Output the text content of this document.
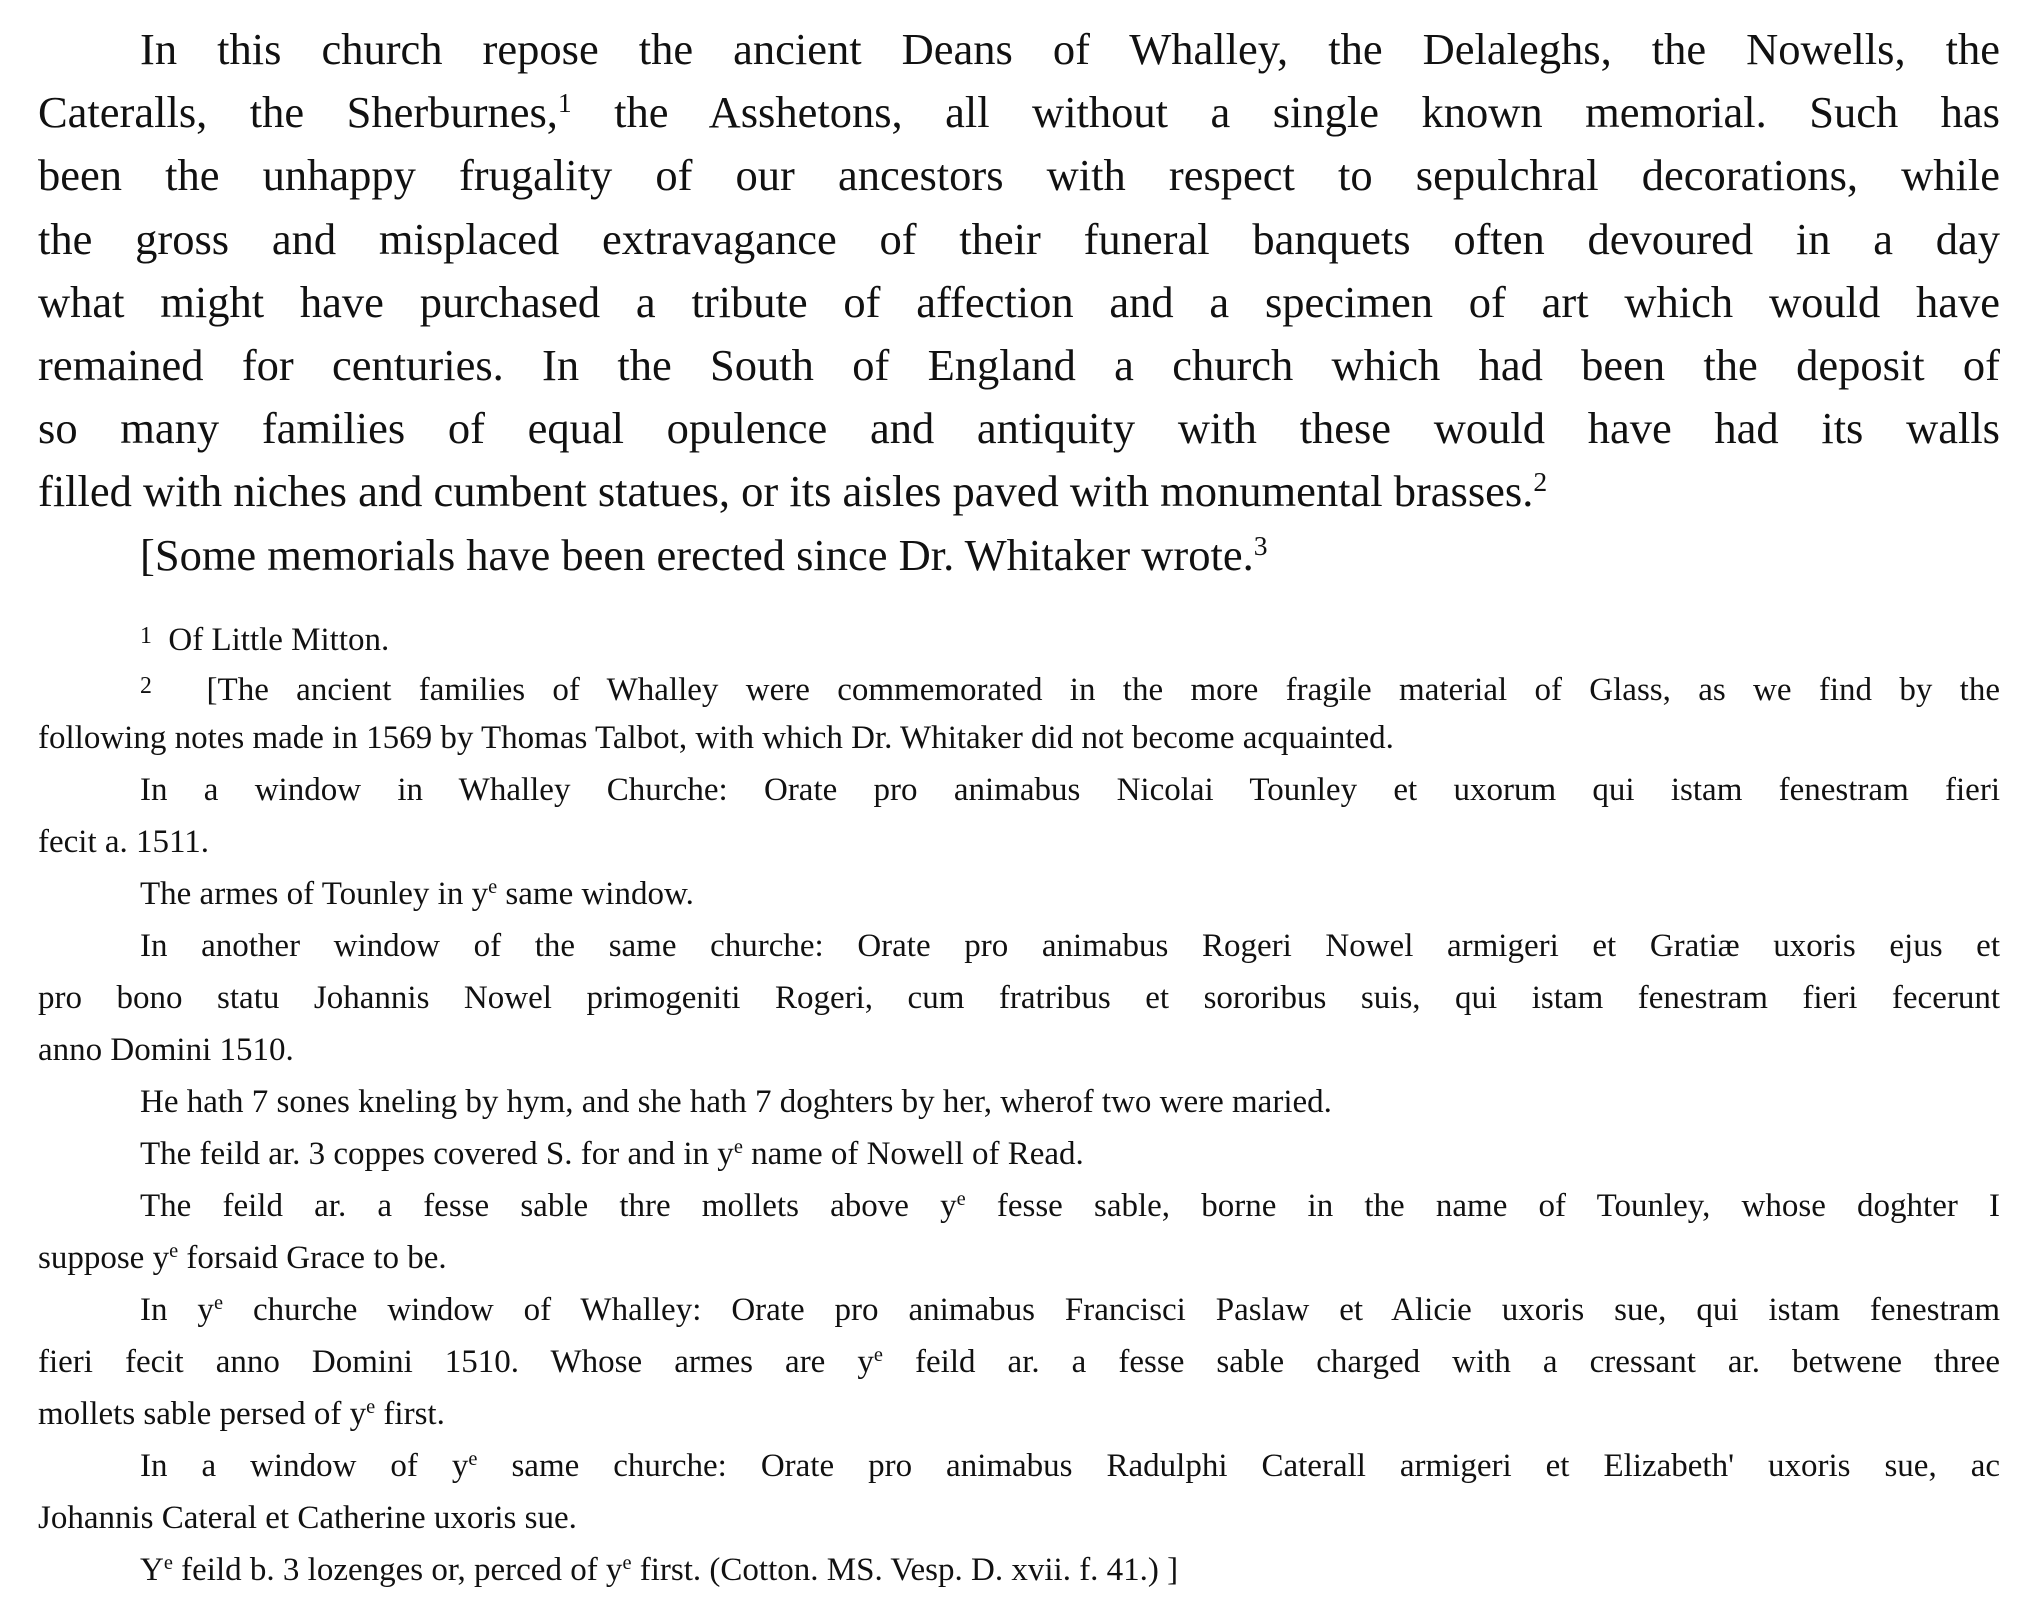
In this church repose the ancient Deans of Whalley, the Delaleghs, the Nowells, the
Cateralls, the Sherburnes,$^1$ the Asshetons, all without a single known memorial. Such has
been the unhappy frugality of our ancestors with respect to sepulchral decorations, while
the gross and misplaced extravagance of their funeral banquets often devoured in a day
what might have purchased a tribute of affection and a specimen of art which would have
remained for centuries. In the South of England a church which had been the deposit of
so many families of equal opulence and antiquity with these would have had its walls
filled with niches and cumbent statues, or its aisles paved with monumental brasses.$^2$
[Some memorials have been erected since Dr. Whitaker wrote.$^3$

$^1$ Of Little Mitton.

$^2$ [The ancient families of Whalley were commemorated in the more fragile material of Glass, as we find by the

following notes made in 1569 by Thomas Talbot, with which Dr. Whitaker did not become acquainted.

In a window in Whalley Churche: Orate pro animabus Nicolai Tounley et uxorum qui istam fenestram fieri

fecit a. 1511.

The armes of Tounley in $y^e$ same window.

In another window of the same churche: Orate pro animabus Rogeri Nowel armigeri et Gratiæ uxoris ejus et

pro bono statu Johannis Nowel primogeniti Rogeri, cum fratribus et sororibus suis, qui istam fenestram fieri fecerunt

anno Domini 1510.

He hath 7 sones kneling by hym, and she hath 7 doghters by her, wherof two were maried.

The feild ar. 3 coppes covered S. for and in $y^e$ name of Nowell of Read.

The feild ar. a fesse sable thre mollets above $y^e$ fesse sable, borne in the name of Tounley, whose doghter I

suppose $y^e$ forsaid Grace to be.

In $y^e$ churche window of Whalley: Orate pro animabus Francisci Paslaw et Alicie uxoris sue, qui istam fenestram

fieri fecit anno Domini 1510. Whose armes are $y^e$ feild ar. a fesse sable charged with a cressant ar. betwene three

mollets sable persed of $y^e$ first.

In a window of $y^e$ same churche: Orate pro animabus Radulphi Caterall armigeri et Elizabeth' uxoris sue, ac

Johannis Cateral et Catherine uxoris sue.

$Y^e$ feild b. 3 lozenges or, perced of $y^e$ first. (Cotton. MS. Vesp. D. xvii. f. 41.) ]
